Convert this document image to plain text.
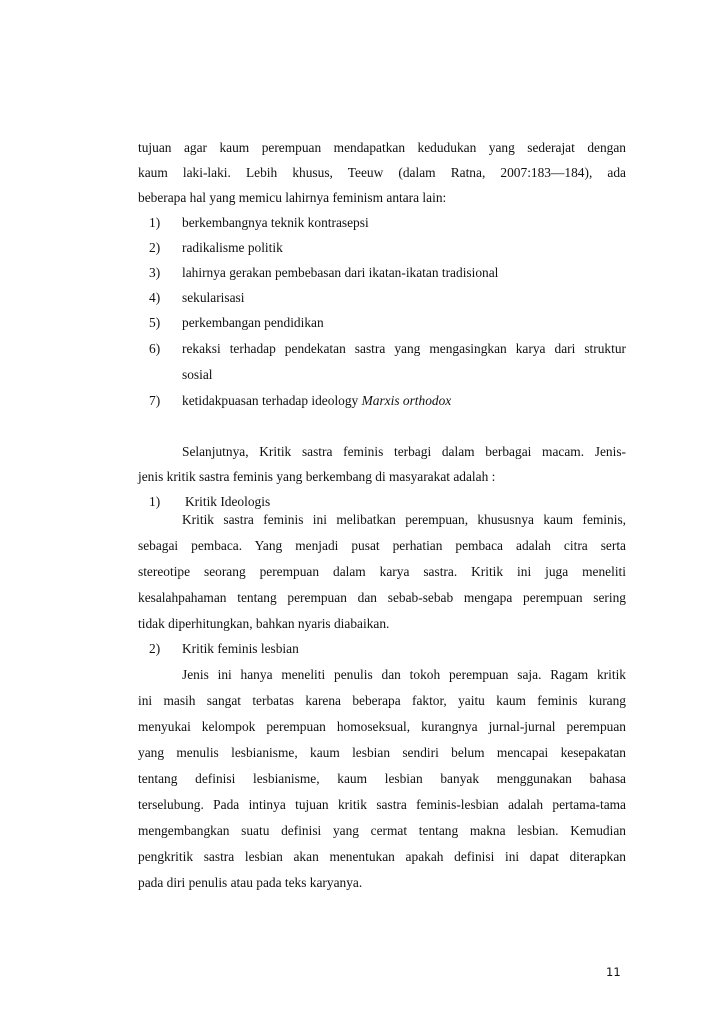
tujuan agar kaum perempuan mendapatkan kedudukan yang sederajat dengan
kaum laki-laki. Lebih khusus, Teeuw (dalam Ratna, 2007:183—184), ada
beberapa hal yang memicu lahirnya feminism antara lain:
1) berkembangnya teknik kontrasepsi
2) radikalisme politik
3) lahirnya gerakan pembebasan dari ikatan-ikatan tradisional
4) sekularisasi
5) perkembangan pendidikan
6) rekaksi terhadap pendekatan sastra yang mengasingkan karya dari struktur
sosial
7) ketidakpuasan terhadap ideology Marxis orthodox
Selanjutnya, Kritik sastra feminis terbagi dalam berbagai macam. Jenis-
jenis kritik sastra feminis yang berkembang di masyarakat adalah :
1) Kritik Ideologis
Kritik sastra feminis ini melibatkan perempuan, khususnya kaum feminis,
sebagai pembaca. Yang menjadi pusat perhatian pembaca adalah citra serta
stereotipe seorang perempuan dalam karya sastra. Kritik ini juga meneliti
kesalahpahaman tentang perempuan dan sebab-sebab mengapa perempuan sering
tidak diperhitungkan, bahkan nyaris diabaikan.
2) Kritik feminis lesbian
Jenis ini hanya meneliti penulis dan tokoh perempuan saja. Ragam kritik
ini masih sangat terbatas karena beberapa faktor, yaitu kaum feminis kurang
menyukai kelompok perempuan homoseksual, kurangnya jurnal-jurnal perempuan
yang menulis lesbianisme, kaum lesbian sendiri belum mencapai kesepakatan
tentang definisi lesbianisme, kaum lesbian banyak menggunakan bahasa
terselubung. Pada intinya tujuan kritik sastra feminis-lesbian adalah pertama-tama
mengembangkan suatu definisi yang cermat tentang makna lesbian. Kemudian
pengkritik sastra lesbian akan menentukan apakah definisi ini dapat diterapkan
pada diri penulis atau pada teks karyanya.
11
